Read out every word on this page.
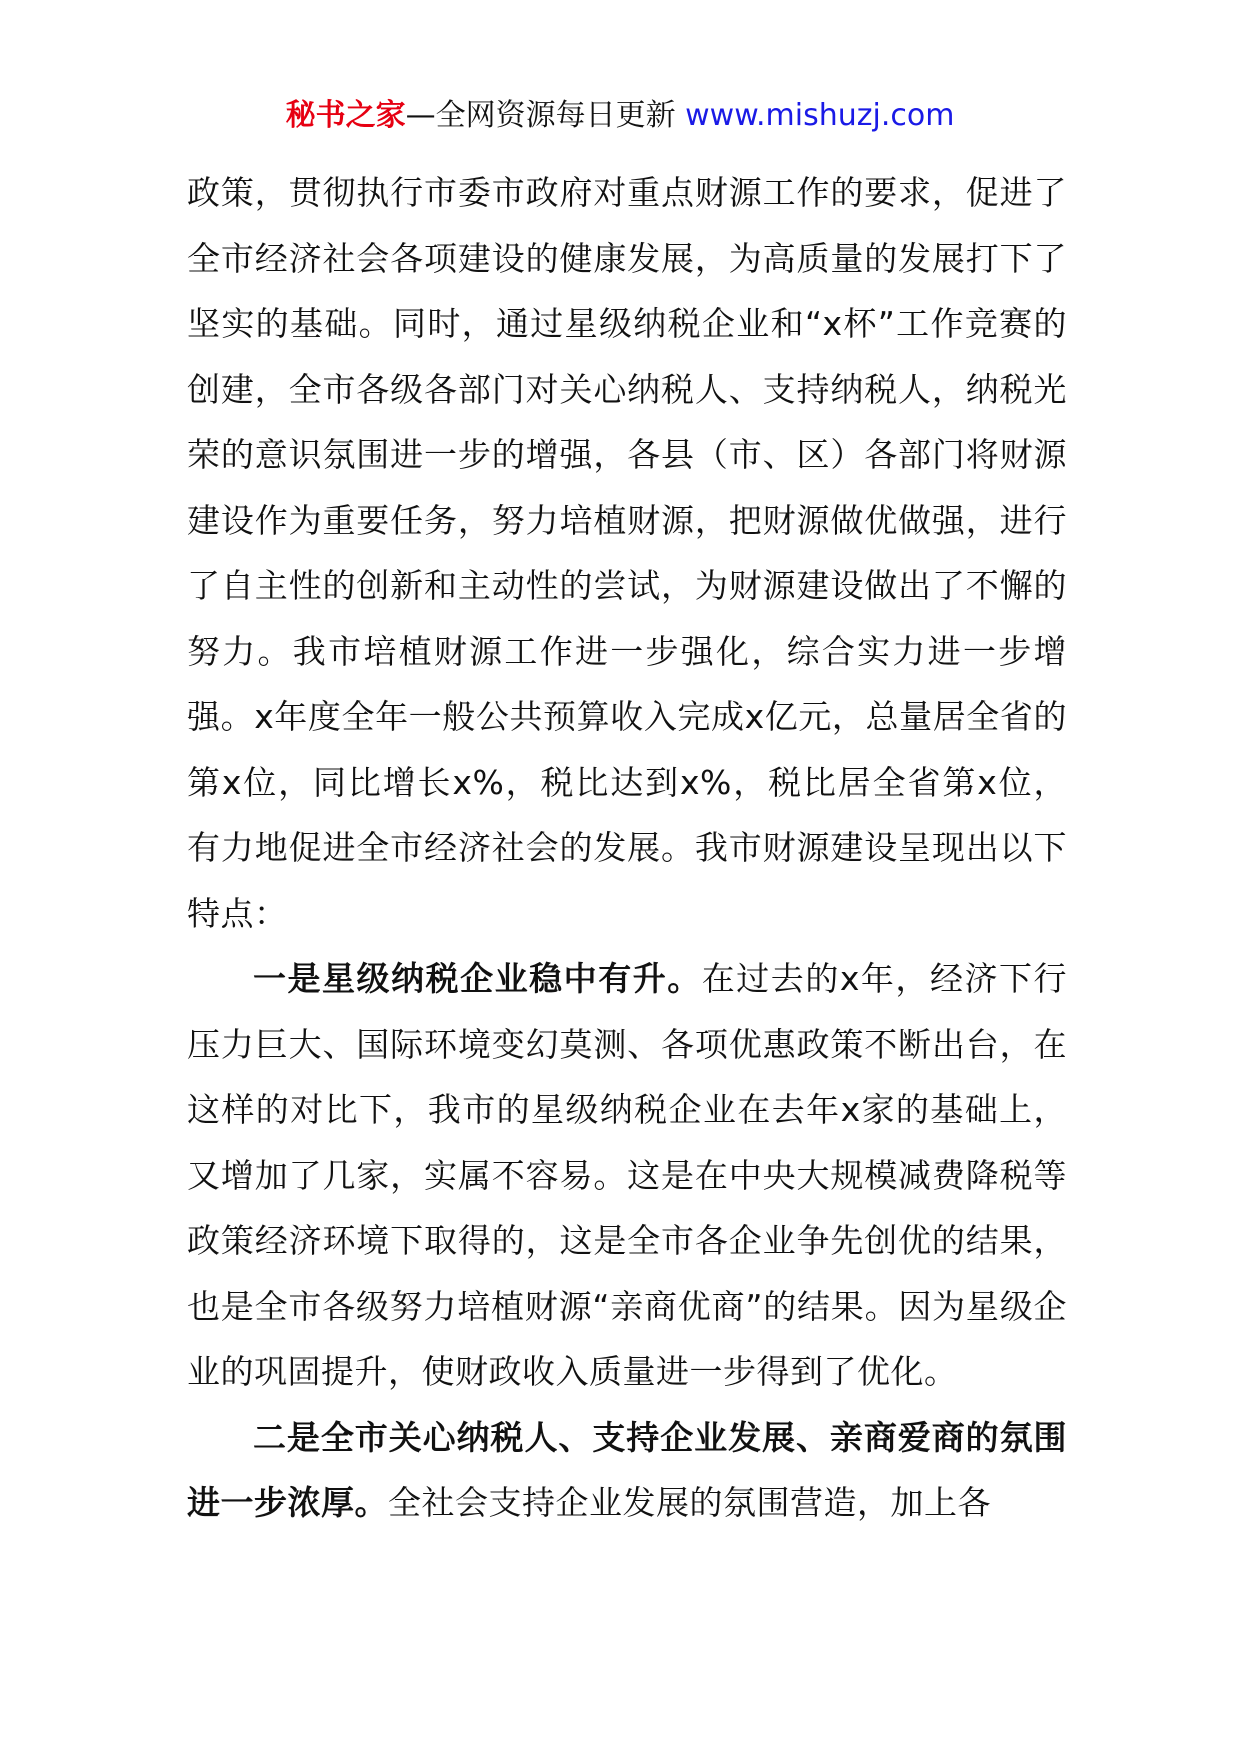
秘书之家—全网资源每日更新 www.mishuzj.com

政策，贯彻执行市委市政府对重点财源工作的要求，促进了全市经济社会各项建设的健康发展，为高质量的发展打下了坚实的基础。同时，通过星级纳税企业和“x杯”工作竞赛的创建，全市各级各部门对关心纳税人、支持纳税人，纳税光荣的意识氛围进一步的增强，各县（市、区）各部门将财源建设作为重要任务，努力培植财源，把财源做优做强，进行了自主性的创新和主动性的尝试，为财源建设做出了不懈的努力。我市培植财源工作进一步强化，综合实力进一步增强。x年度全年一般公共预算收入完成x亿元，总量居全省的第x位，同比增长x%，税比达到x%，税比居全省第x位，有力地促进全市经济社会的发展。我市财源建设呈现出以下特点：

一是星级纳税企业稳中有升。在过去的x年，经济下行压力巨大、国际环境变幻莫测、各项优惠政策不断出台，在这样的对比下，我市的星级纳税企业在去年x家的基础上，又增加了几家，实属不容易。这是在中央大规模减费降税等政策经济环境下取得的，这是全市各企业争先创优的结果，也是全市各级努力培植财源“亲商优商”的结果。因为星级企业的巩固提升，使财政收入质量进一步得到了优化。

二是全市关心纳税人、支持企业发展、亲商爱商的氛围进一步浓厚。全社会支持企业发展的氛围营造，加上各
